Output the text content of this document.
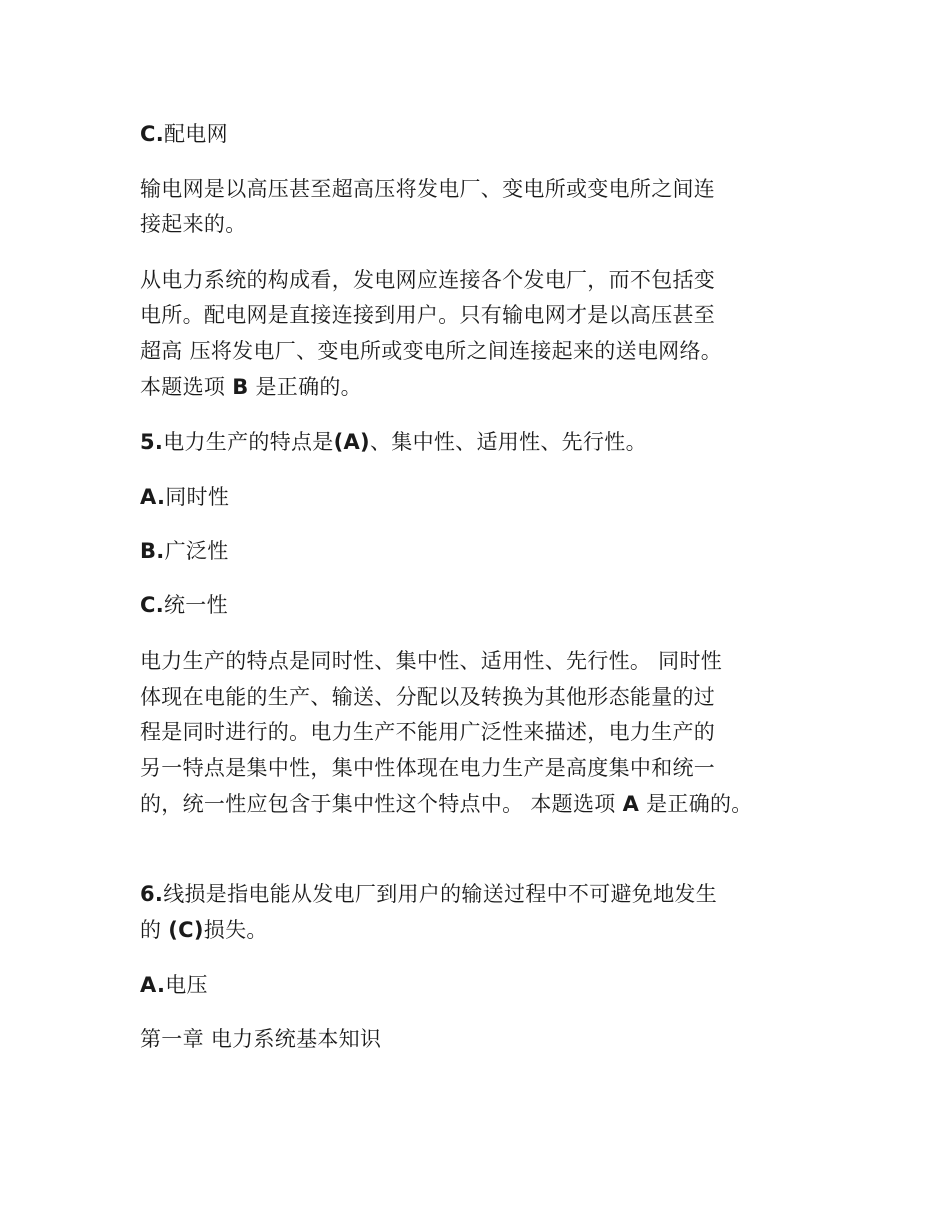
C.配电网
输电网是以高压甚至超高压将发电厂、变电所或变电所之间连
接起来的。
从电力系统的构成看，发电网应连接各个发电厂，而不包括变
电所。配电网是直接连接到用户。只有输电网才是以高压甚至
超高 压将发电厂、变电所或变电所之间连接起来的送电网络。
本题选项 B 是正确的。
5.电力生产的特点是(A)、集中性、适用性、先行性。
A.同时性
B.广泛性
C.统一性
电力生产的特点是同时性、集中性、适用性、先行性。 同时性
体现在电能的生产、输送、分配以及转换为其他形态能量的过
程是同时进行的。电力生产不能用广泛性来描述，电力生产的
另一特点是集中性，集中性体现在电力生产是高度集中和统一
的，统一性应包含于集中性这个特点中。 本题选项 A 是正确的。
6.线损是指电能从发电厂到用户的输送过程中不可避免地发生
的 (C)损失。
A.电压
第一章 电力系统基本知识
